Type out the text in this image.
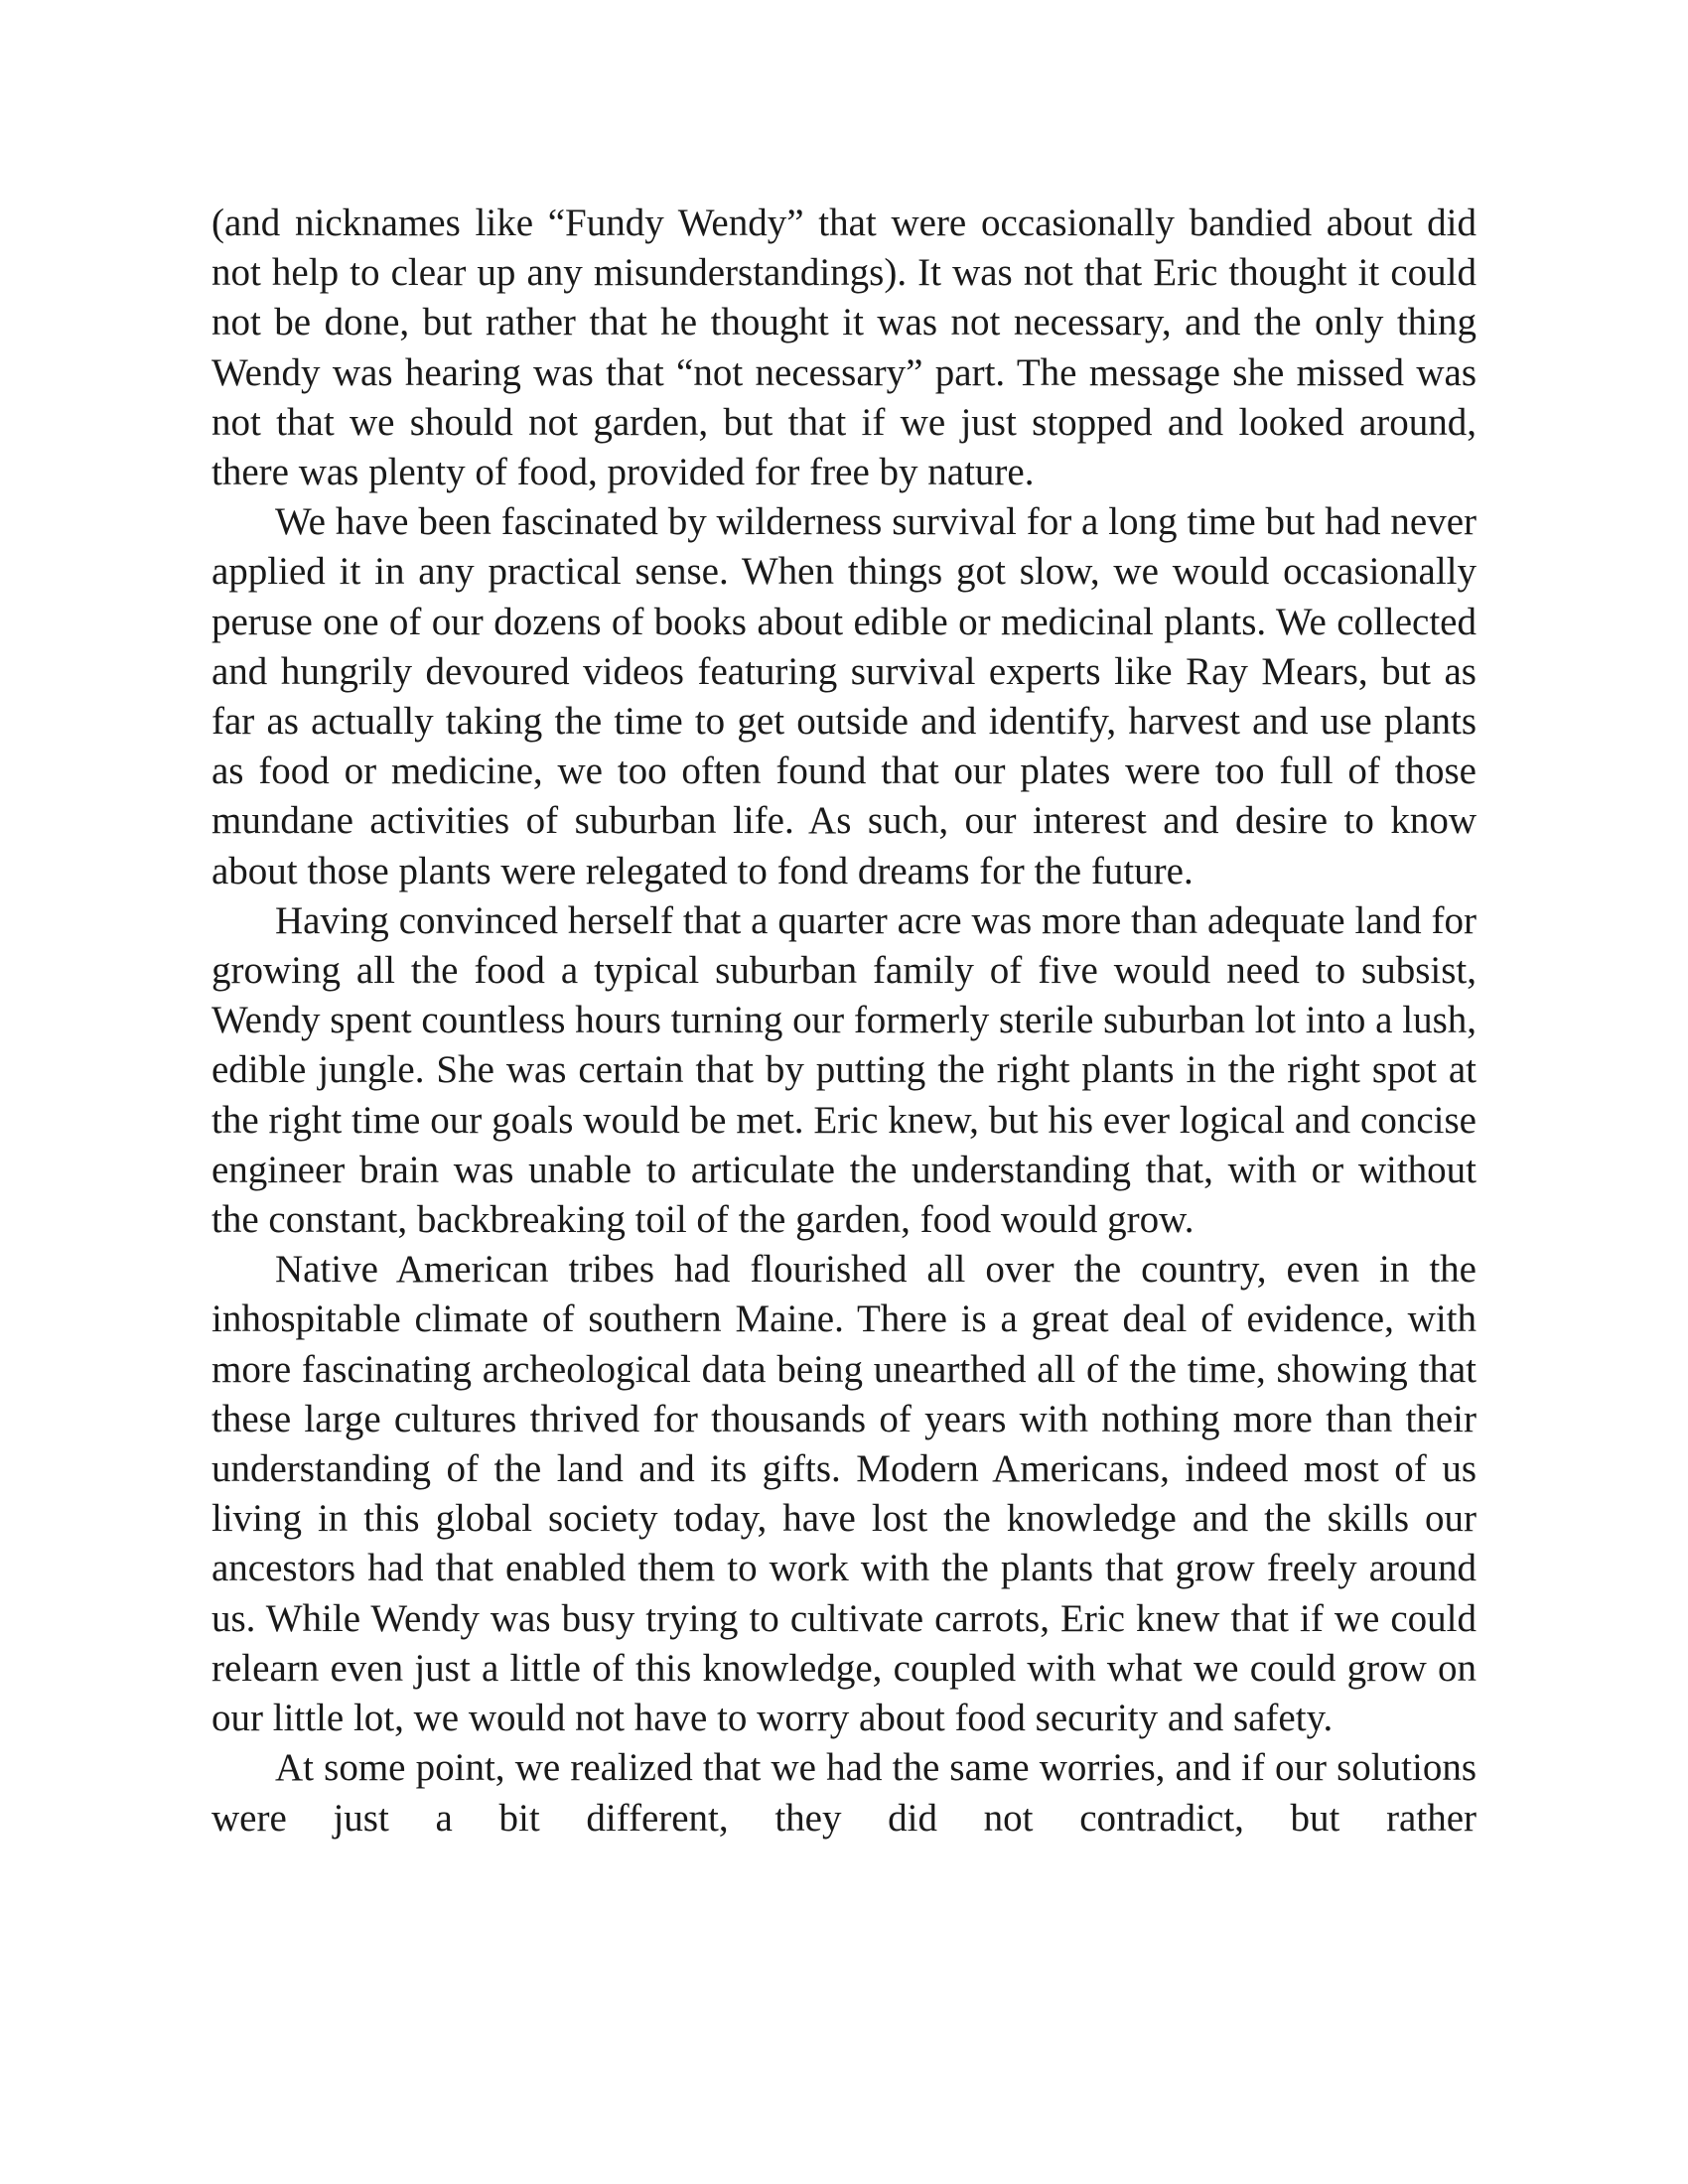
(and nicknames like “Fundy Wendy” that were occasionally bandied about did not help to clear up any misunderstandings). It was not that Eric thought it could not be done, but rather that he thought it was not necessary, and the only thing Wendy was hearing was that “not necessary” part. The message she missed was not that we should not garden, but that if we just stopped and looked around, there was plenty of food, provided for free by nature.

We have been fascinated by wilderness survival for a long time but had never applied it in any practical sense. When things got slow, we would occasionally peruse one of our dozens of books about edible or medicinal plants. We collected and hungrily devoured videos featuring survival experts like Ray Mears, but as far as actually taking the time to get outside and identify, harvest and use plants as food or medicine, we too often found that our plates were too full of those mundane activities of suburban life. As such, our interest and desire to know about those plants were relegated to fond dreams for the future.

Having convinced herself that a quarter acre was more than adequate land for growing all the food a typical suburban family of five would need to subsist, Wendy spent countless hours turning our formerly sterile suburban lot into a lush, edible jungle. She was certain that by putting the right plants in the right spot at the right time our goals would be met. Eric knew, but his ever logical and concise engineer brain was unable to articulate the understanding that, with or without the constant, backbreaking toil of the garden, food would grow.

Native American tribes had flourished all over the country, even in the inhospitable climate of southern Maine. There is a great deal of evidence, with more fascinating archeological data being unearthed all of the time, showing that these large cultures thrived for thousands of years with nothing more than their understanding of the land and its gifts. Modern Americans, indeed most of us living in this global society today, have lost the knowledge and the skills our ancestors had that enabled them to work with the plants that grow freely around us. While Wendy was busy trying to cultivate carrots, Eric knew that if we could relearn even just a little of this knowledge, coupled with what we could grow on our little lot, we would not have to worry about food security and safety.

At some point, we realized that we had the same worries, and if our solutions were just a bit different, they did not contradict, but rather
